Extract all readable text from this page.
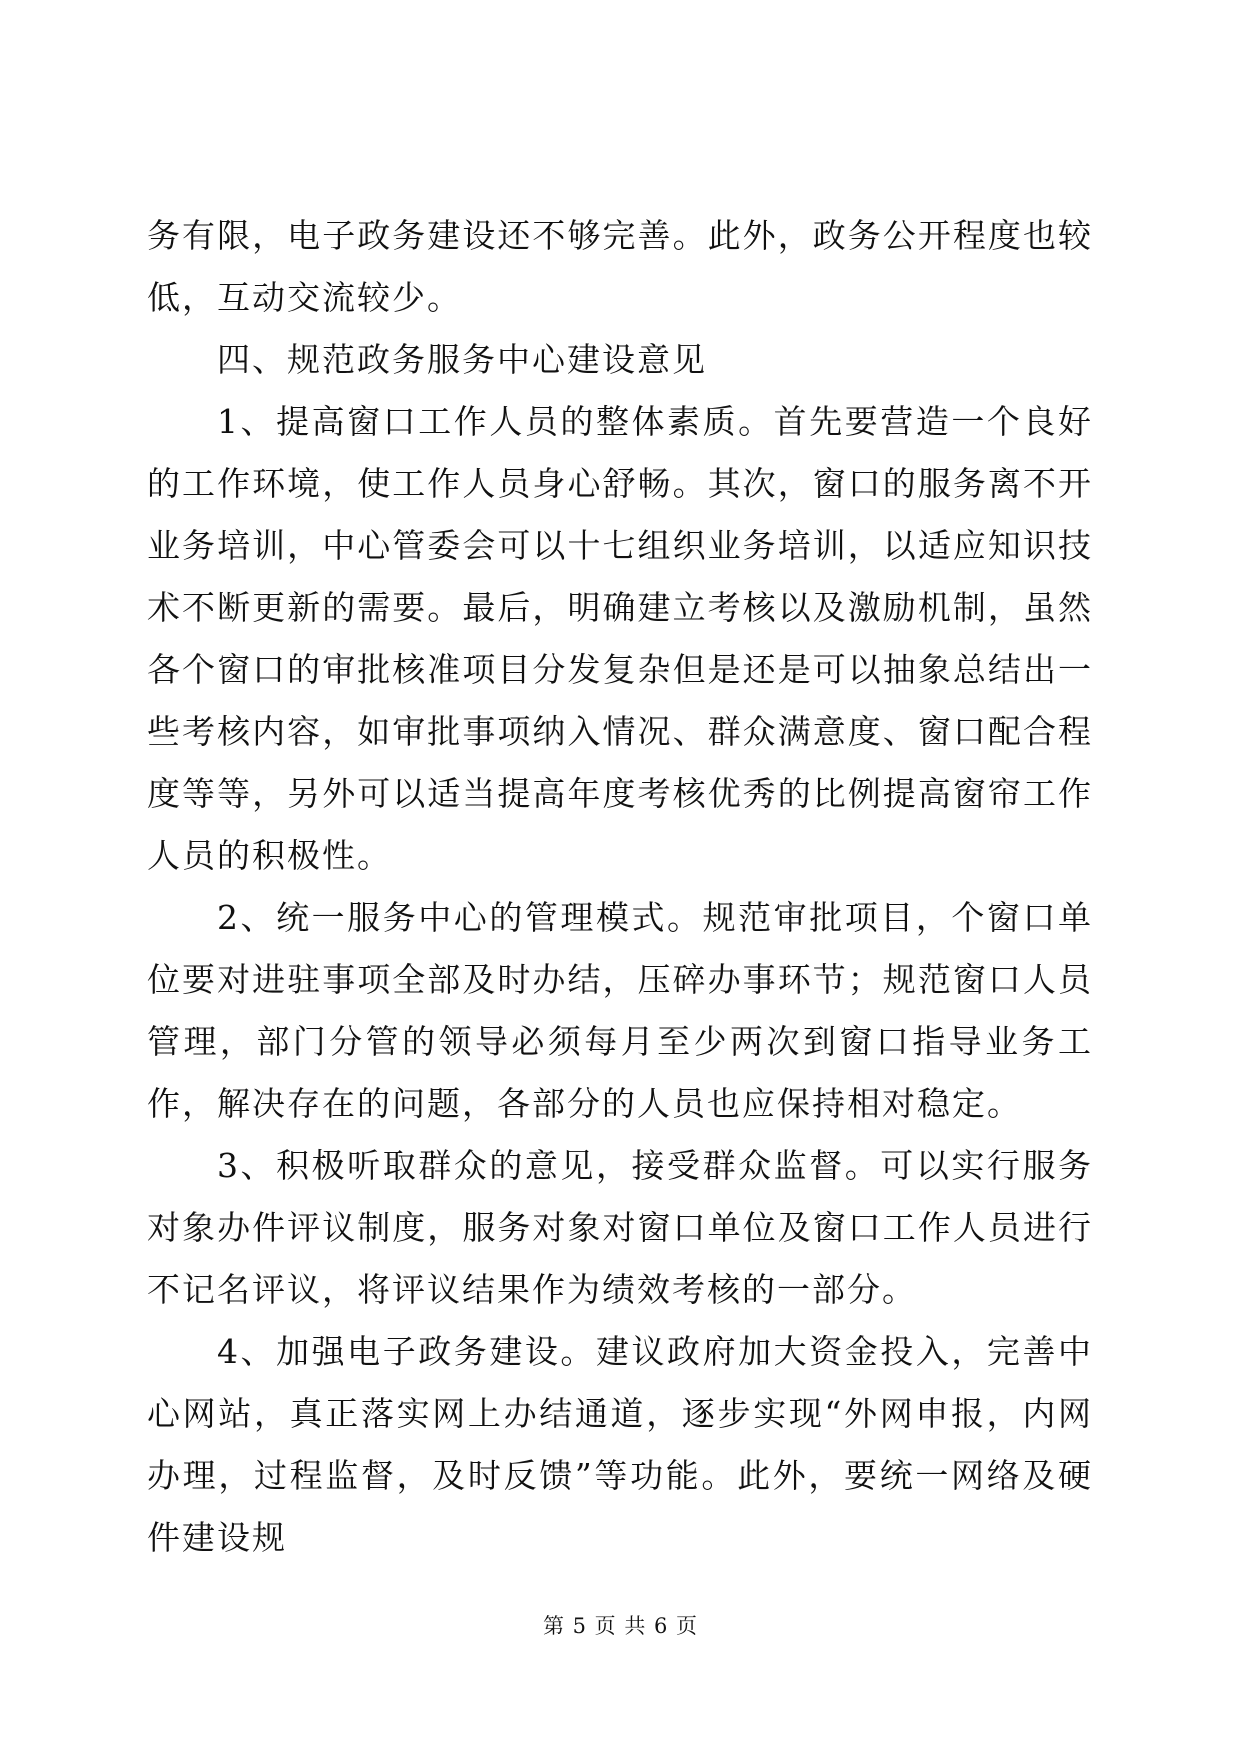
务有限，电子政务建设还不够完善。此外，政务公开程度也较低，互动交流较少。

四、规范政务服务中心建设意见

1、提高窗口工作人员的整体素质。首先要营造一个良好的工作环境，使工作人员身心舒畅。其次，窗口的服务离不开业务培训，中心管委会可以十七组织业务培训，以适应知识技术不断更新的需要。最后，明确建立考核以及激励机制，虽然各个窗口的审批核准项目分发复杂但是还是可以抽象总结出一些考核内容，如审批事项纳入情况、群众满意度、窗口配合程度等等，另外可以适当提高年度考核优秀的比例提高窗帘工作人员的积极性。

2、统一服务中心的管理模式。规范审批项目，个窗口单位要对进驻事项全部及时办结，压碎办事环节；规范窗口人员管理，部门分管的领导必须每月至少两次到窗口指导业务工作，解决存在的问题，各部分的人员也应保持相对稳定。

3、积极听取群众的意见，接受群众监督。可以实行服务对象办件评议制度，服务对象对窗口单位及窗口工作人员进行不记名评议，将评议结果作为绩效考核的一部分。

4、加强电子政务建设。建议政府加大资金投入，完善中心网站，真正落实网上办结通道，逐步实现“外网申报，内网办理，过程监督，及时反馈”等功能。此外，要统一网络及硬件建设规

第 5 页 共 6 页
